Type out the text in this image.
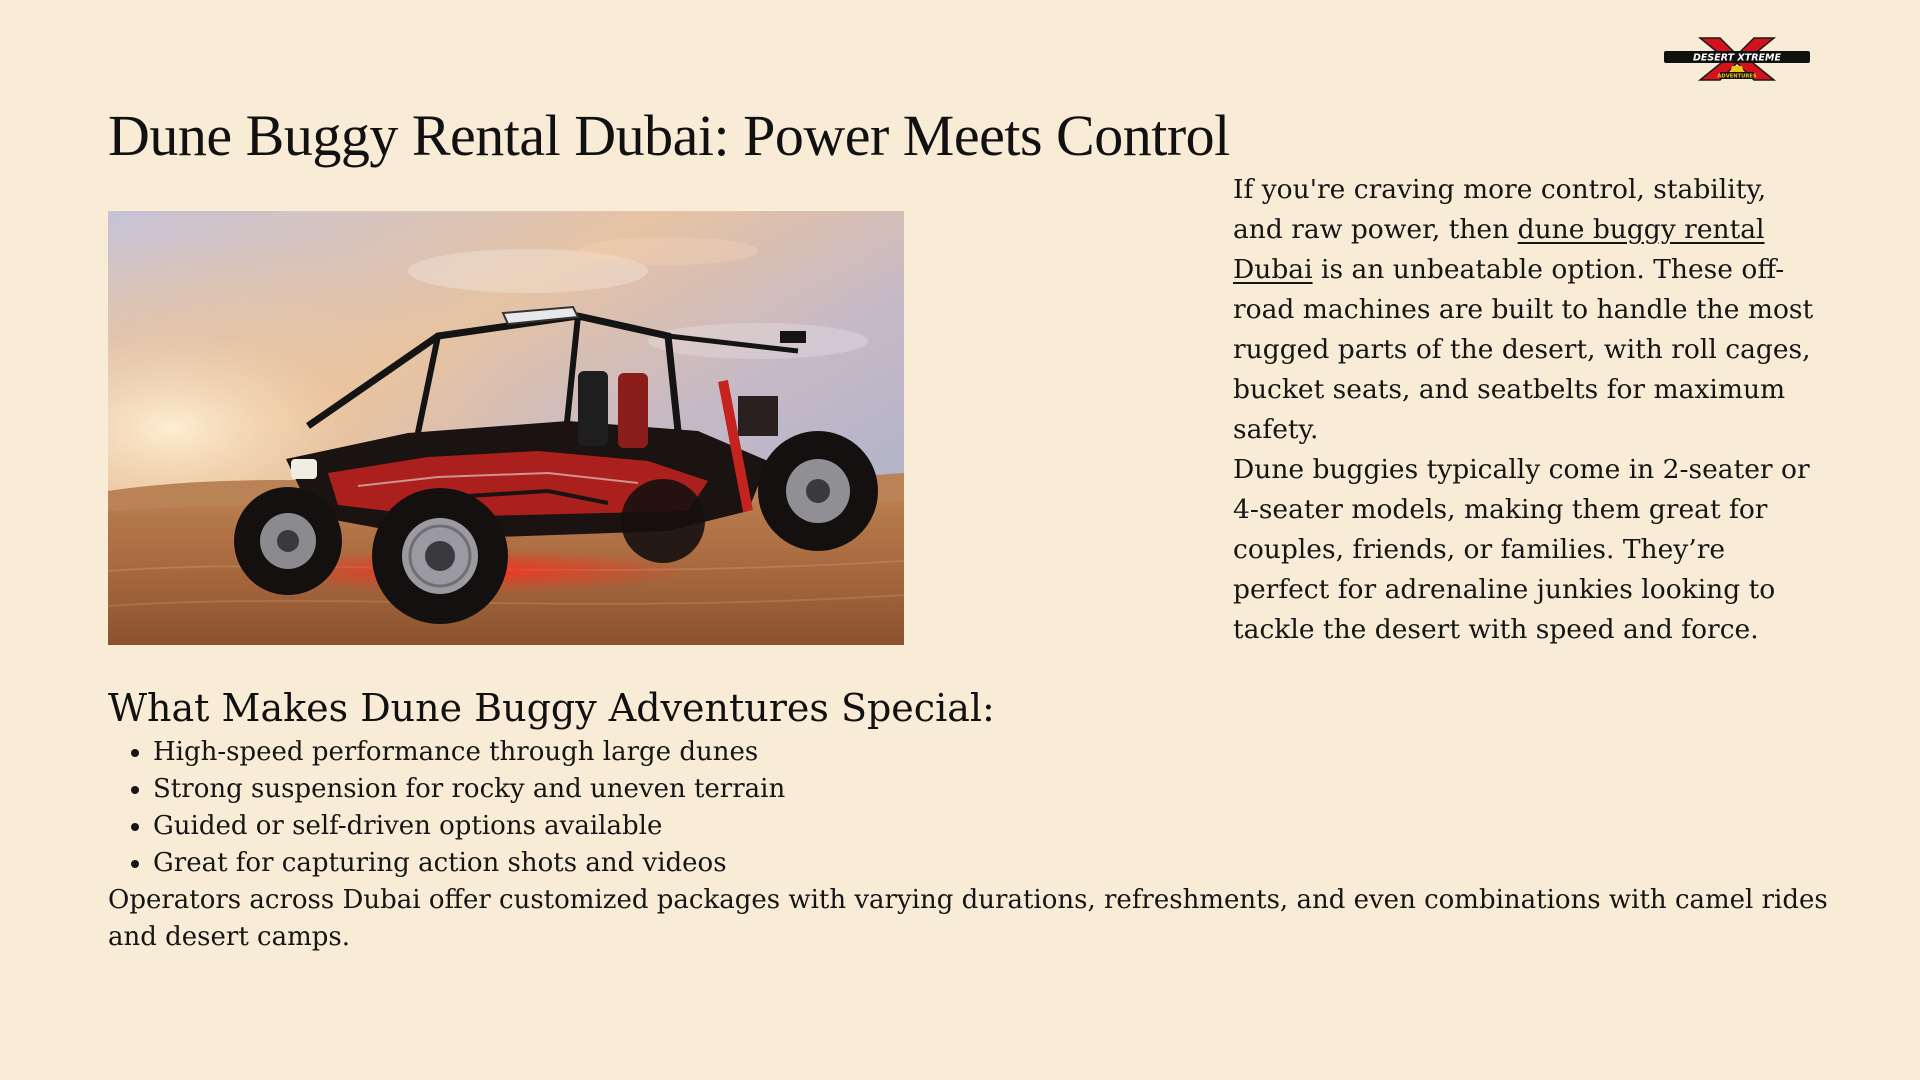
DESERT XTREME
ADVENTURES
Dune Buggy Rental Dubai: Power Meets Control

If you're craving more control, stability, and raw power, then dune buggy rental Dubai is an unbeatable option. These off-road machines are built to handle the most rugged parts of the desert, with roll cages, bucket seats, and seatbelts for maximum safety.

Dune buggies typically come in 2-seater or 4-seater models, making them great for couples, friends, or families. They’re perfect for adrenaline junkies looking to tackle the desert with speed and force.

What Makes Dune Buggy Adventures Special:
• High-speed performance through large dunes
• Strong suspension for rocky and uneven terrain
• Guided or self-driven options available
• Great for capturing action shots and videos

Operators across Dubai offer customized packages with varying durations, refreshments, and even combinations with camel rides and desert camps.
